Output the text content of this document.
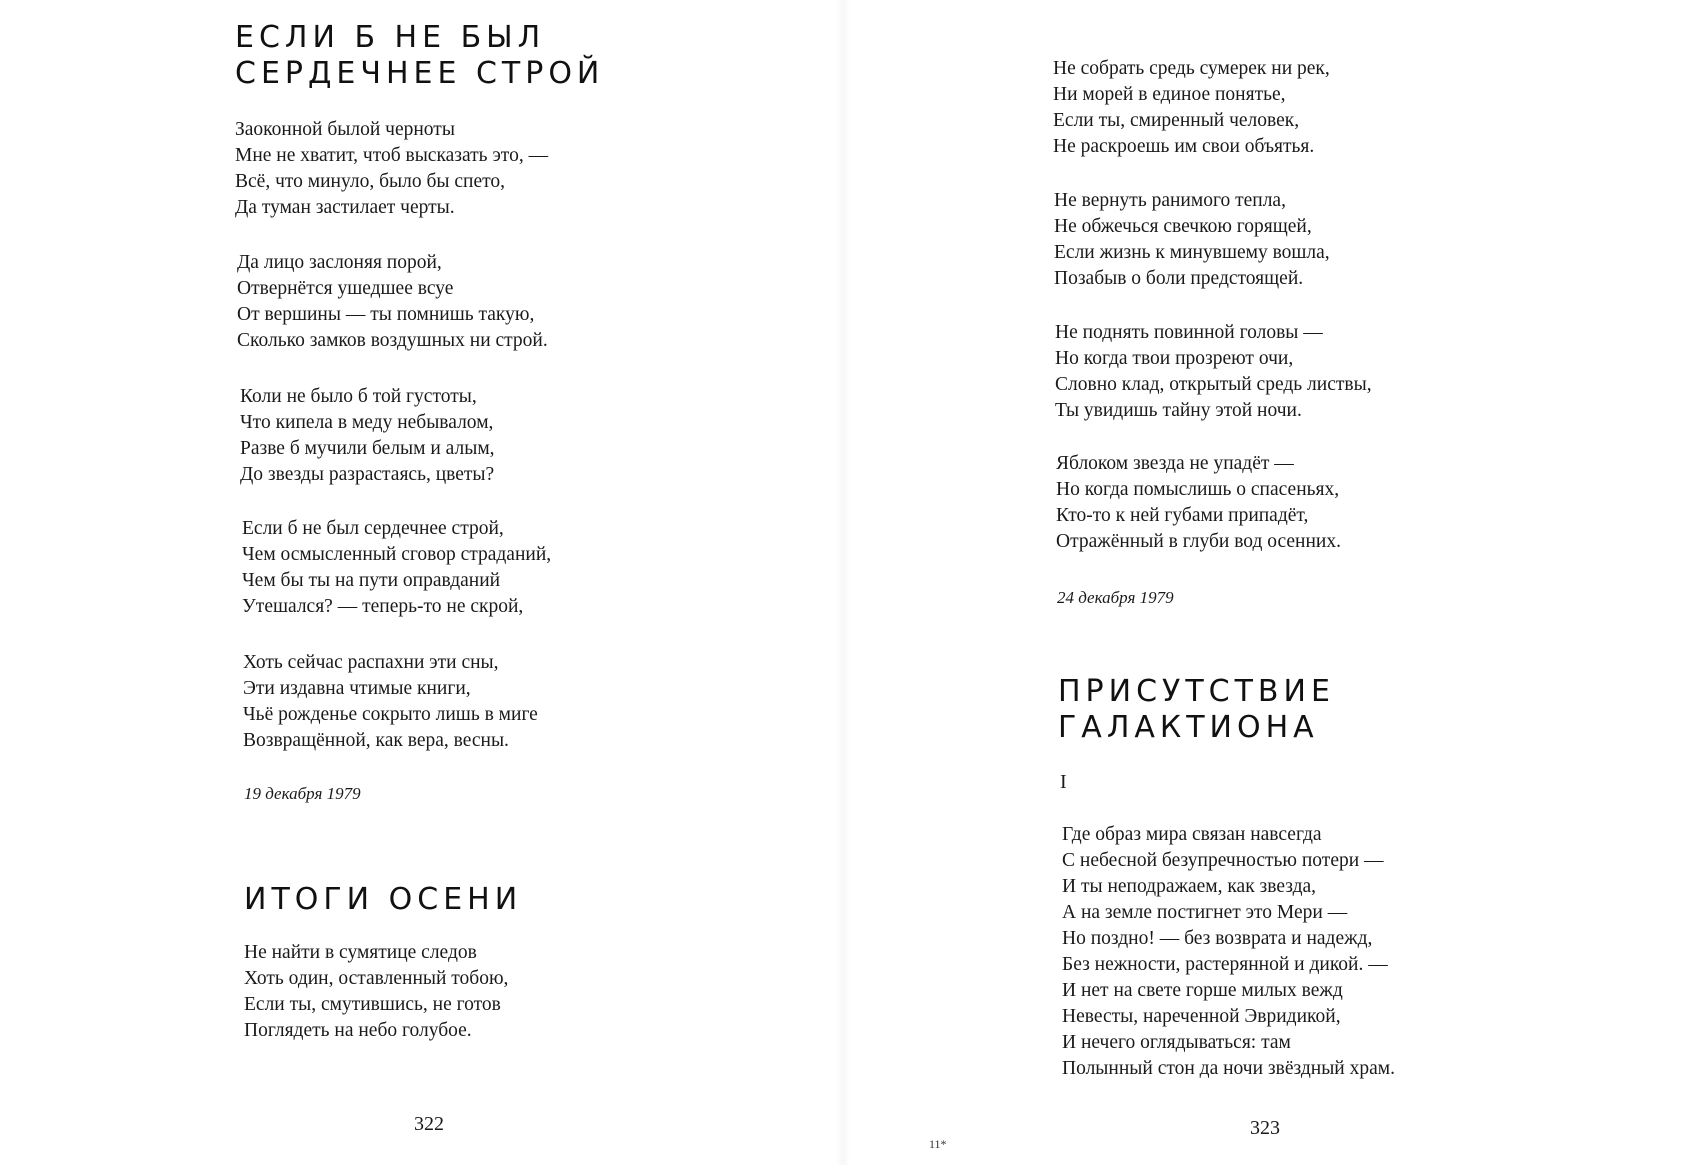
ЕСЛИ Б НЕ БЫЛ
СЕРДЕЧНЕЕ СТРОЙ
Заоконной былой черноты
Мне не хватит, чтоб высказать это, —
Всё, что минуло, было бы спето,
Да туман застилает черты.
Да лицо заслоняя порой,
Отвернётся ушедшее всуе
От вершины — ты помнишь такую,
Сколько замков воздушных ни строй.
Коли не было б той густоты,
Что кипела в меду небывалом,
Разве б мучили белым и алым,
До звезды разрастаясь, цветы?
Если б не был сердечнее строй,
Чем осмысленный сговор страданий,
Чем бы ты на пути оправданий
Утешался? — теперь-то не скрой,
Хоть сейчас распахни эти сны,
Эти издавна чтимые книги,
Чьё рожденье сокрыто лишь в миге
Возвращённой, как вера, весны.
19 декабря 1979
ИТОГИ ОСЕНИ
Не найти в сумятице следов
Хоть один, оставленный тобою,
Если ты, смутившись, не готов
Поглядеть на небо голубое.
322
Не собрать средь сумерек ни рек,
Ни морей в единое понятье,
Если ты, смиренный человек,
Не раскроешь им свои объятья.
Не вернуть ранимого тепла,
Не обжечься свечкою горящей,
Если жизнь к минувшему вошла,
Позабыв о боли предстоящей.
Не поднять повинной головы —
Но когда твои прозреют очи,
Словно клад, открытый средь листвы,
Ты увидишь тайну этой ночи.
Яблоком звезда не упадёт —
Но когда помыслишь о спасеньях,
Кто-то к ней губами припадёт,
Отражённый в глуби вод осенних.
24 декабря 1979
ПРИСУТСТВИЕ
ГАЛАКТИОНА
I
Где образ мира связан навсегда
С небесной безупречностью потери —
И ты неподражаем, как звезда,
А на земле постигнет это Мери —
Но поздно! — без возврата и надежд,
Без нежности, растерянной и дикой. —
И нет на свете горше милых вежд
Невесты, нареченной Эвридикой,
И нечего оглядываться: там
Полынный стон да ночи звёздный храм.
323
11*
